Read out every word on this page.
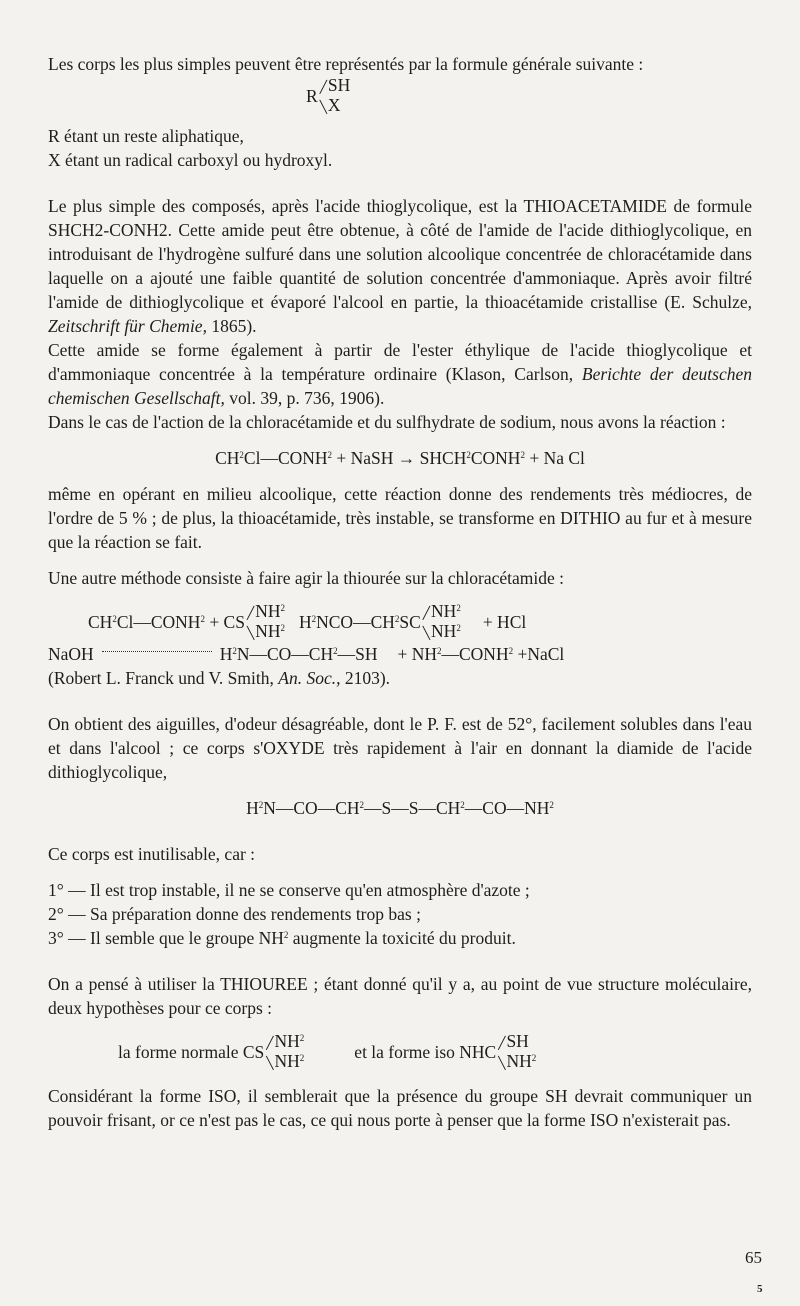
Les corps les plus simples peuvent être représentés par la formule générale suivante :

R
╱ SH
╲ X

R étant un reste aliphatique,

X étant un radical carboxyl ou hydroxyl.

Le plus simple des composés, après l'acide thioglycolique, est la THIOACETAMIDE de formule SHCH2-CONH2. Cette amide peut être obtenue, à côté de l'amide de l'acide dithioglycolique, en introduisant de l'hydrogène sulfuré dans une solution alcoolique concentrée de chloracétamide dans laquelle on a ajouté une faible quantité de solution concentrée d'ammoniaque. Après avoir filtré l'amide de dithioglycolique et évaporé l'alcool en partie, la thioacétamide cristallise (E. Schulze, Zeitschrift für Chemie, 1865).

Cette amide se forme également à partir de l'ester éthylique de l'acide thioglycolique et d'ammoniaque concentrée à la température ordinaire (Klason, Carlson, Berichte der deutschen chemischen Gesellschaft, vol. 39, p. 736, 1906).

Dans le cas de l'action de la chloracétamide et du sulfhydrate de sodium, nous avons la réaction :

$CH^2Cl—CONH^2$ + NaSH → $SHCH^2CONH^2 + Na$ Cl

même en opérant en milieu alcoolique, cette réaction donne des rendements très médiocres, de l'ordre de 5 % ; de plus, la thioacétamide, très instable, se transforme en DITHIO au fur et à mesure que la réaction se fait.

Une autre méthode consiste à faire agir la thiourée sur la chloracétamide :

$CH^2Cl—CONH^2$ + CS
╱ $NH^2$
╲ $NH^2$ $H^2NCO—CH^2SC$
╱ $NH^2$
╲ $NH^2$ + HCl
NaOH	$H^2N—CO—CH^2—SH$ + $NH^2—CONH^2$ +NaCl

(Robert L. Franck und V. Smith, An. Soc., 2103).

On obtient des aiguilles, d'odeur désagréable, dont le P. F. est de 52°, facilement solubles dans l'eau et dans l'alcool ; ce corps s'OXYDE très rapidement à l'air en donnant la diamide de l'acide dithioglycolique,

$H^2N—CO—CH^2—S—S—CH^2—CO—NH^2$

Ce corps est inutilisable, car :

1° — Il est trop instable, il ne se conserve qu'en atmosphère d'azote ;

2° — Sa préparation donne des rendements trop bas ;

3° — Il semble que le groupe $NH^2$ augmente la toxicité du produit.

On a pensé à utiliser la THIOUREE ; étant donné qu'il y a, au point de vue structure moléculaire, deux hypothèses pour ce corps :

la forme normale CS
╱ $NH^2$
╲ $NH^2$	et la forme iso NHC
╱ SH
╲ $NH^2$

Considérant la forme ISO, il semblerait que la présence du groupe SH devrait communiquer un pouvoir frisant, or ce n'est pas le cas, ce qui nous porte à penser que la forme ISO n'existerait pas.

65
5
